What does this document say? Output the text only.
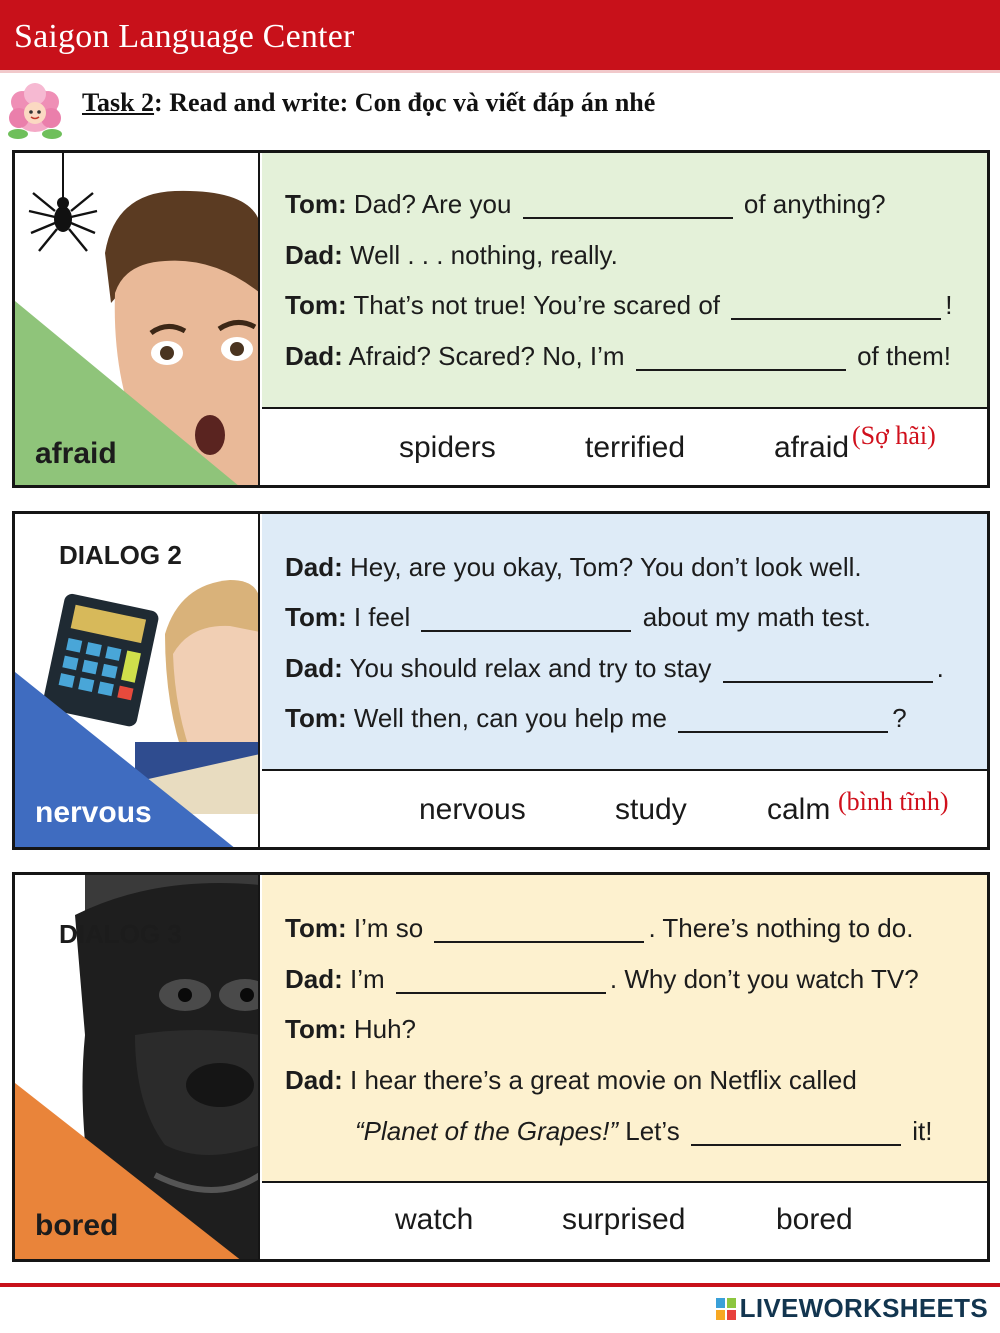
Saigon Language Center
Task 2: Read and write: Con đọc và viết đáp án nhé
afraid
Tom: Dad? Are you	of anything?
Dad: Well . . . nothing, really.
Tom: That’s not true! You’re scared of	!
Dad: Afraid? Scared? No, I’m	of them!
spiders	terrified	afraid (Sợ hãi)
DIALOG 2
nervous
Dad: Hey, are you okay, Tom? You don’t look well.
Tom: I feel	about my math test.
Dad: You should relax and try to stay	.
Tom: Well then, can you help me	?
nervous	study	calm (bình tĩnh)
DIALOG 3
bored
Tom: I’m so	. There’s nothing to do.
Dad: I’m	. Why don’t you watch TV?
Tom: Huh?
Dad: I hear there’s a great movie on Netflix called
“Planet of the Grapes!” Let’s	it!
watch	surprised	bored
LIVEWORKSHEETS
